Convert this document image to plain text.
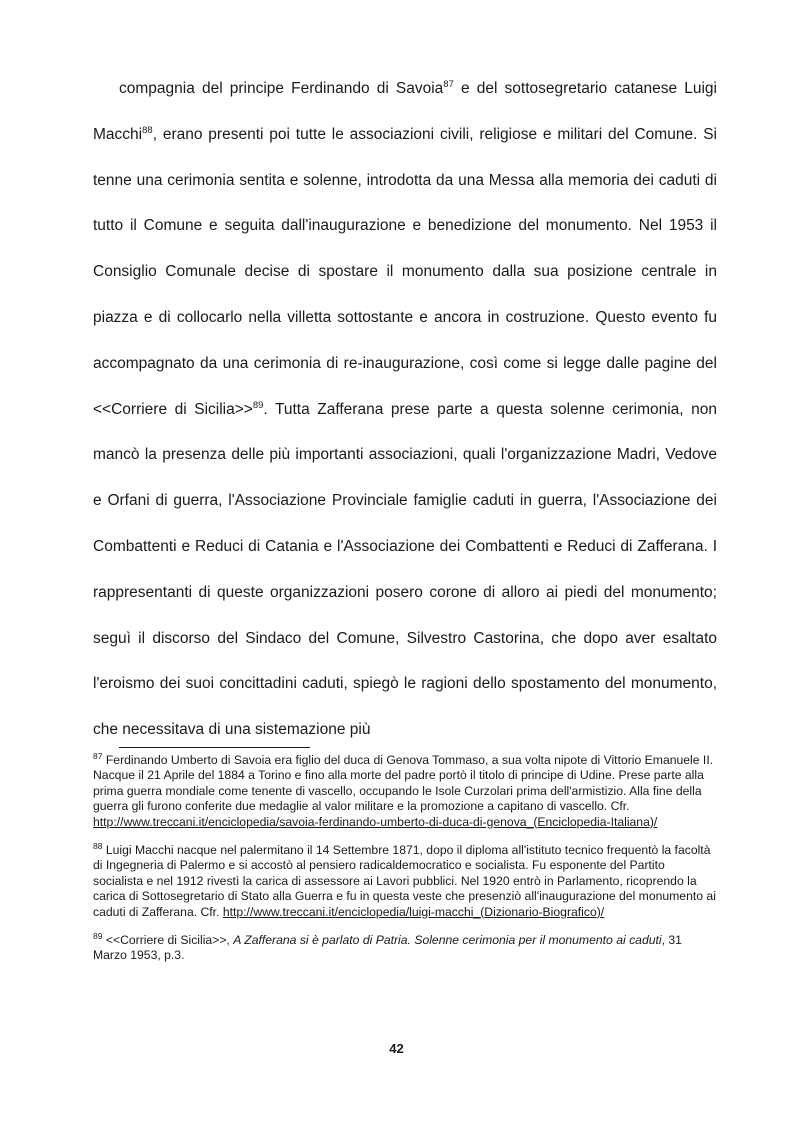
compagnia del principe Ferdinando di Savoia$^{87}$ e del sottosegretario catanese Luigi Macchi$^{88}$, erano presenti poi tutte le associazioni civili, religiose e militari del Comune. Si tenne una cerimonia sentita e solenne, introdotta da una Messa alla memoria dei caduti di tutto il Comune e seguita dall'inaugurazione e benedizione del monumento. Nel 1953 il Consiglio Comunale decise di spostare il monumento dalla sua posizione centrale in piazza e di collocarlo nella villetta sottostante e ancora in costruzione. Questo evento fu accompagnato da una cerimonia di re-inaugurazione, così come si legge dalle pagine del <<Corriere di Sicilia>>$^{89}$. Tutta Zafferana prese parte a questa solenne cerimonia, non mancò la presenza delle più importanti associazioni, quali l'organizzazione Madri, Vedove e Orfani di guerra, l'Associazione Provinciale famiglie caduti in guerra, l'Associazione dei Combattenti e Reduci di Catania e l'Associazione dei Combattenti e Reduci di Zafferana. I rappresentanti di queste organizzazioni posero corone di alloro ai piedi del monumento; seguì il discorso del Sindaco del Comune, Silvestro Castorina, che dopo aver esaltato l'eroismo dei suoi concittadini caduti, spiegò le ragioni dello spostamento del monumento, che necessitava di una sistemazione più

$^{87}$ Ferdinando Umberto di Savoia era figlio del duca di Genova Tommaso, a sua volta nipote di Vittorio Emanuele II. Nacque il 21 Aprile del 1884 a Torino e fino alla morte del padre portò il titolo di principe di Udine. Prese parte alla prima guerra mondiale come tenente di vascello, occupando le Isole Curzolari prima dell'armistizio. Alla fine della guerra gli furono conferite due medaglie al valor militare e la promozione a capitano di vascello. Cfr. http://www.treccani.it/enciclopedia/savoia-ferdinando-umberto-di-duca-di-genova_(Enciclopedia-Italiana)/

$^{88}$ Luigi Macchi nacque nel palermitano il 14 Settembre 1871, dopo il diploma all'istituto tecnico frequentò la facoltà di Ingegneria di Palermo e si accostò al pensiero radicaldemocratico e socialista. Fu esponente del Partito socialista e nel 1912 rivestì la carica di assessore ai Lavori pubblici. Nel 1920 entrò in Parlamento, ricoprendo la carica di Sottosegretario di Stato alla Guerra e fu in questa veste che presenziò all'inaugurazione del monumento ai caduti di Zafferana. Cfr. http://www.treccani.it/enciclopedia/luigi-macchi_(Dizionario-Biografico)/

$^{89}$ <<Corriere di Sicilia>>, A Zafferana si è parlato di Patria. Solenne cerimonia per il monumento ai caduti, 31 Marzo 1953, p.3.

42
